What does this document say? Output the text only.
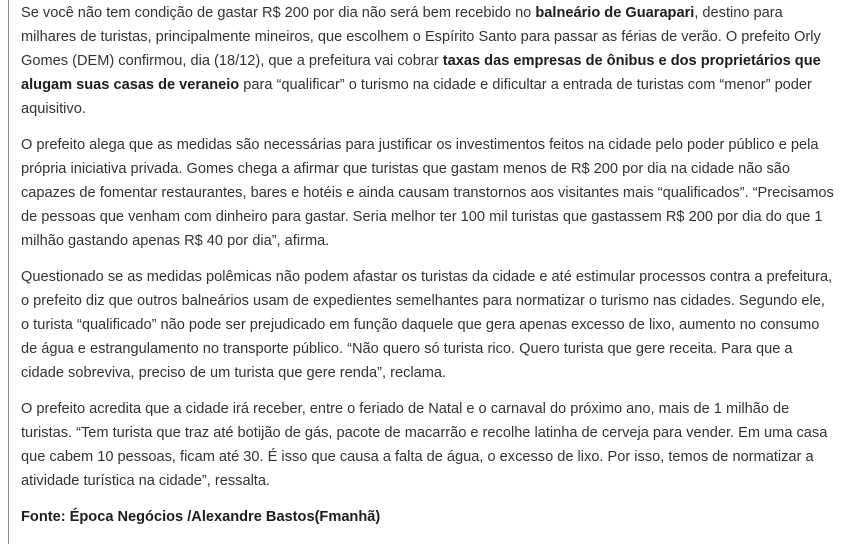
Se você não tem condição de gastar R$ 200 por dia não será bem recebido no balneário de Guarapari, destino para milhares de turistas, principalmente mineiros, que escolhem o Espírito Santo para passar as férias de verão. O prefeito Orly Gomes (DEM) confirmou, dia (18/12), que a prefeitura vai cobrar taxas das empresas de ônibus e dos proprietários que alugam suas casas de veraneio para “qualificar” o turismo na cidade e dificultar a entrada de turistas com “menor” poder aquisitivo.

O prefeito alega que as medidas são necessárias para justificar os investimentos feitos na cidade pelo poder público e pela própria iniciativa privada. Gomes chega a afirmar que turistas que gastam menos de R$ 200 por dia na cidade não são capazes de fomentar restaurantes, bares e hotéis e ainda causam transtornos aos visitantes mais “qualificados”. “Precisamos de pessoas que venham com dinheiro para gastar. Seria melhor ter 100 mil turistas que gastassem R$ 200 por dia do que 1 milhão gastando apenas R$ 40 por dia”, afirma.

Questionado se as medidas polêmicas não podem afastar os turistas da cidade e até estimular processos contra a prefeitura, o prefeito diz que outros balneários usam de expedientes semelhantes para normatizar o turismo nas cidades. Segundo ele, o turista “qualificado” não pode ser prejudicado em função daquele que gera apenas excesso de lixo, aumento no consumo de água e estrangulamento no transporte público. “Não quero só turista rico. Quero turista que gere receita. Para que a cidade sobreviva, preciso de um turista que gere renda”, reclama.

O prefeito acredita que a cidade irá receber, entre o feriado de Natal e o carnaval do próximo ano, mais de 1 milhão de turistas. “Tem turista que traz até botijão de gás, pacote de macarrão e recolhe latinha de cerveja para vender. Em uma casa que cabem 10 pessoas, ficam até 30. É isso que causa a falta de água, o excesso de lixo. Por isso, temos de normatizar a atividade turística na cidade”, ressalta.

Fonte: Época Negócios /Alexandre Bastos(Fmanhã)
